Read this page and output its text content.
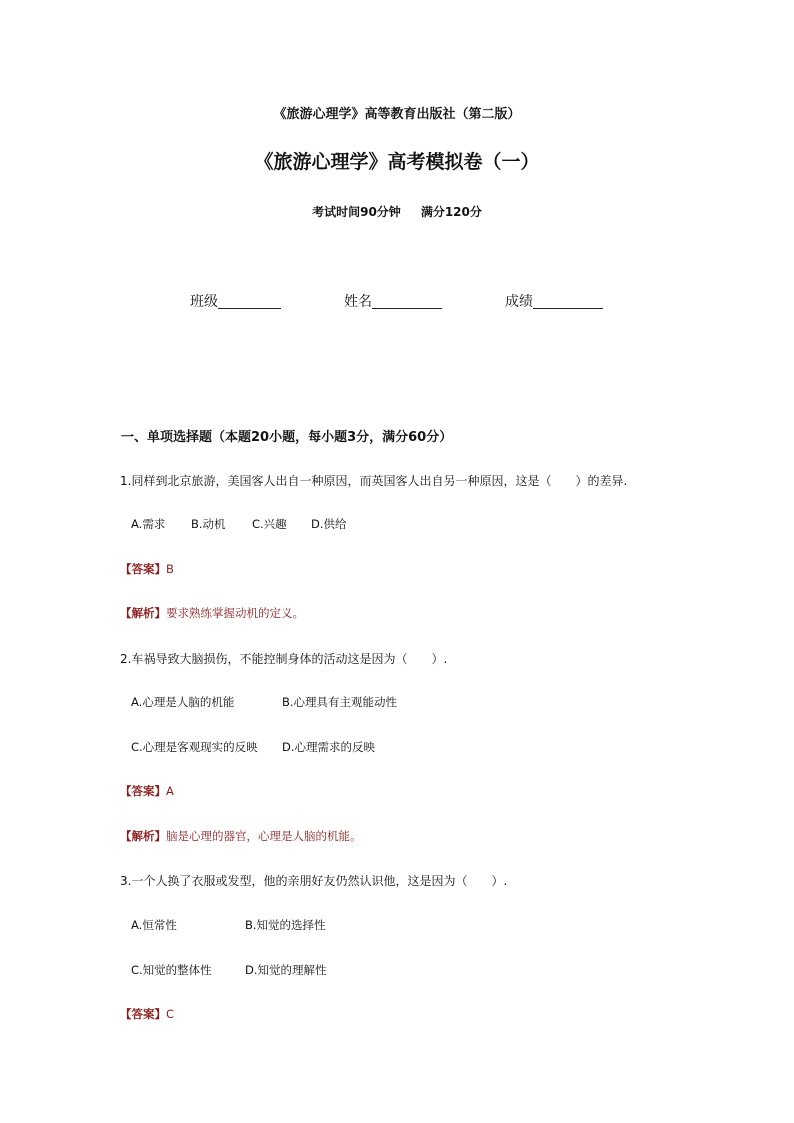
《旅游心理学》高等教育出版社（第二版）
《旅游心理学》高考模拟卷（一）
考试时间90分钟 满分120分
班级	姓名	成绩
一、单项选择题（本题20小题，每小题3分，满分60分）
1.同样到北京旅游，美国客人出自一种原因，而英国客人出自另一种原因，这是（　　）的差异.
A.需求 B.动机 C.兴趣 D.供给
【答案】B
【解析】要求熟练掌握动机的定义。
2.车祸导致大脑损伤，不能控制身体的活动这是因为（　　）.
A.心理是人脑的机能	B.心理具有主观能动性
C.心理是客观现实的反映 D.心理需求的反映
【答案】A
【解析】脑是心理的器官，心理是人脑的机能。
3.一个人换了衣服或发型，他的亲朋好友仍然认识他，这是因为（　　）.
A.恒常性	B.知觉的选择性
C.知觉的整体性	D.知觉的理解性
【答案】C
